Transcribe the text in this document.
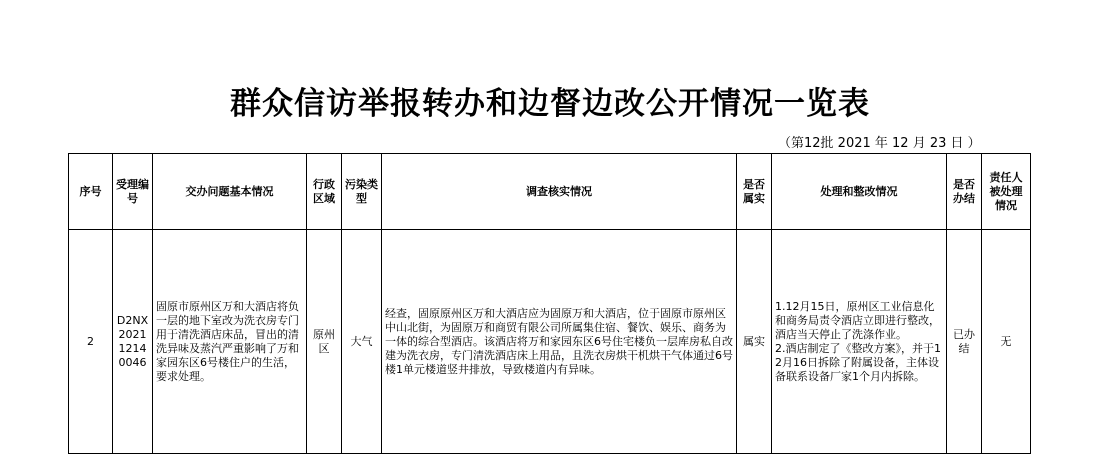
群众信访举报转办和边督边改公开情况一览表
（第12批 2021 年 12 月 23 日 ）
序号	受理编号	交办问题基本情况	行政区域	污染类型	调查核实情况	是否属实	处理和整改情况	是否办结	责任人被处理情况
2	D2NX202112140046	固原市原州区万和大酒店将负一层的地下室改为洗衣房专门用于清洗酒店床品，冒出的清洗异味及蒸汽严重影响了万和家园东区6号楼住户的生活，要求处理。	原州区	大气	经查，固原原州区万和大酒店应为固原万和大酒店，位于固原市原州区中山北街，为固原万和商贸有限公司所属集住宿、餐饮、娱乐、商务为一体的综合型酒店。该酒店将万和家园东区6号住宅楼负一层库房私自改建为洗衣房，专门清洗酒店床上用品，且洗衣房烘干机烘干气体通过6号楼1单元楼道竖井排放，导致楼道内有异味。	属实	1.12月15日，原州区工业信息化和商务局责令酒店立即进行整改，酒店当天停止了洗涤作业。
2.酒店制定了《整改方案》，并于12月16日拆除了附属设备，主体设备联系设备厂家1个月内拆除。	已办结	无
